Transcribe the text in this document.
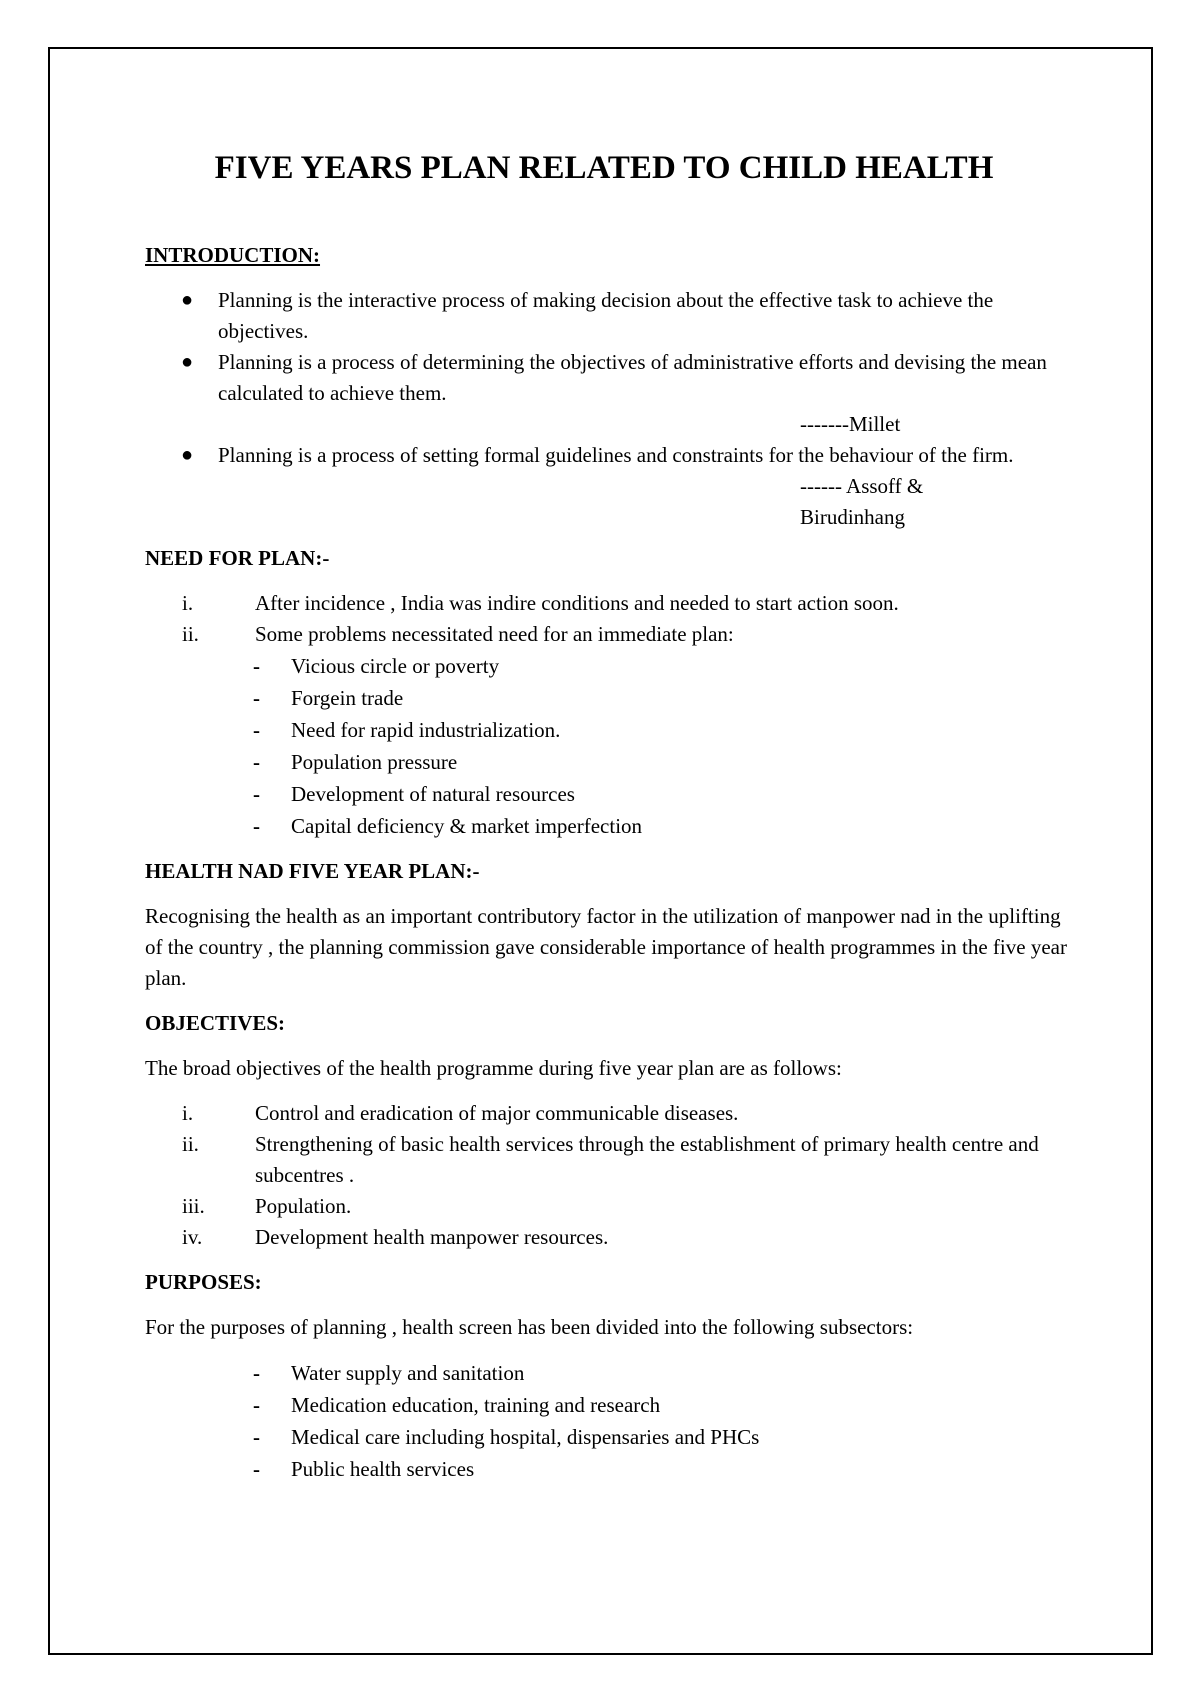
FIVE YEARS PLAN RELATED TO CHILD HEALTH

INTRODUCTION:

● Planning is the interactive process of making decision about the effective task to achieve the objectives.
● Planning is a process of determining the objectives of administrative efforts and devising the mean calculated to achieve them.

-------Millet

● Planning is a process of setting formal guidelines and constraints for the behaviour of the firm.

------ Assoff &

Birudinhang

NEED FOR PLAN:-

i.	After incidence , India was indire conditions and needed to start action soon.
ii.	Some problems necessitated need for an immediate plan:
- Vicious circle or poverty
- Forgein trade
- Need for rapid industrialization.
- Population pressure
- Development of natural resources
- Capital deficiency & market imperfection

HEALTH NAD FIVE YEAR PLAN:-

Recognising the health as an important contributory factor in the utilization of manpower nad in the uplifting of the country , the planning commission gave considerable importance of health programmes in the five year plan.

OBJECTIVES:

The broad objectives of the health programme during five year plan are as follows:

i.	Control and eradication of major communicable diseases.
ii.	Strengthening of basic health services through the establishment of primary health centre and subcentres .
iii. Population.
iv.	Development health manpower resources.

PURPOSES:

For the purposes of planning , health screen has been divided into the following subsectors:

- Water supply and sanitation
- Medication education, training and research
- Medical care including hospital, dispensaries and PHCs
- Public health services
